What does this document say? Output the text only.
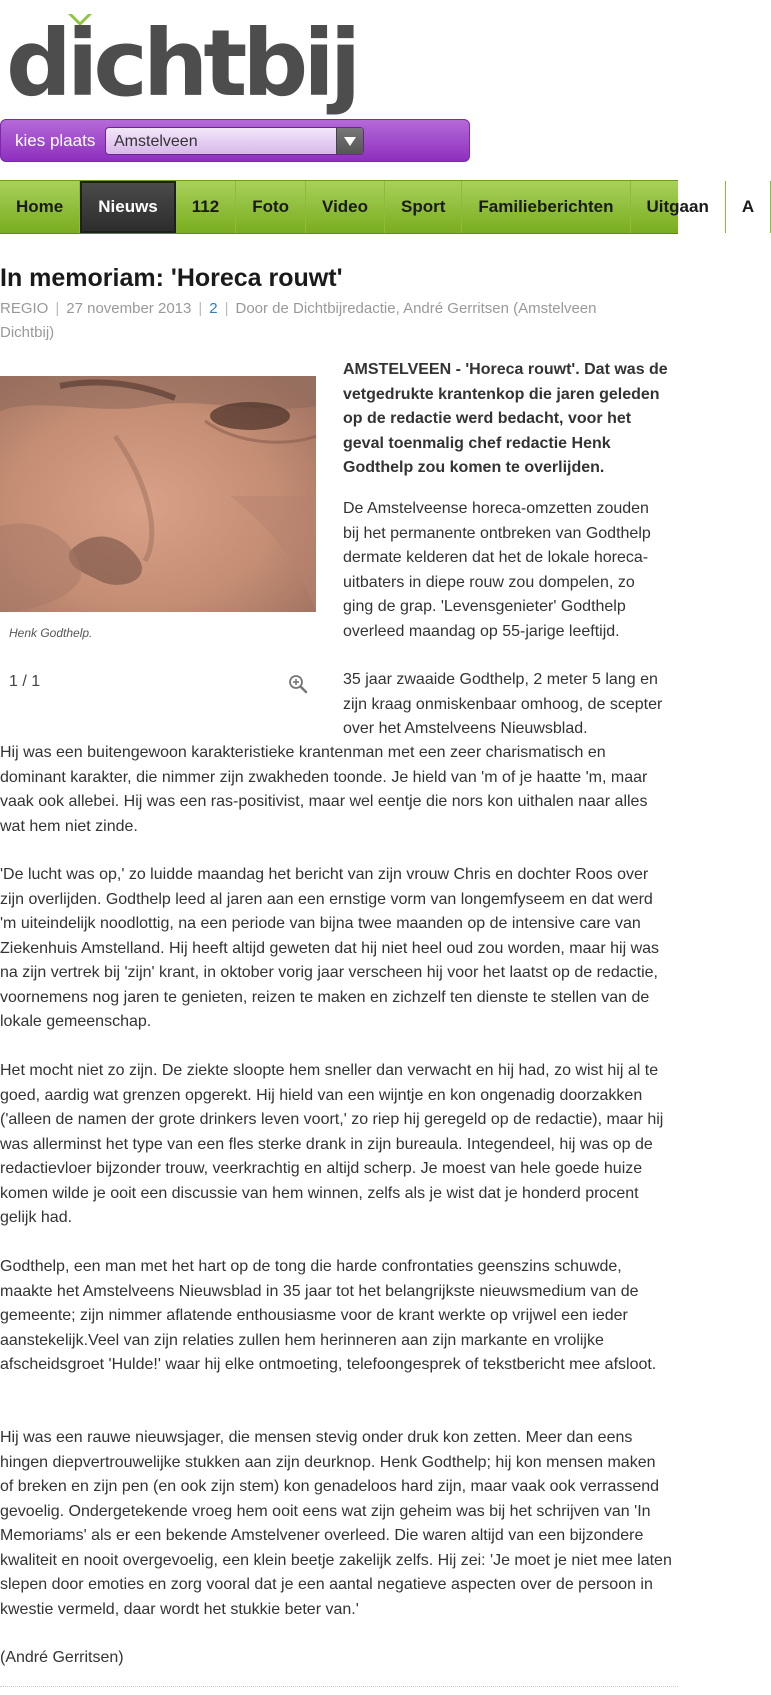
dichtbij
kies plaats Amstelveen
Home	Nieuws	112	Foto	Video	Sport	Familieberichten	Uitgaan	A
In memoriam: 'Horeca rouwt'
REGIO | 27 november 2013 | 2 | Door de Dichtbijredactie, André Gerritsen (Amstelveen Dichtbij)
Henk Godthelp.
1 / 1

AMSTELVEEN - 'Horeca rouwt'. Dat was de vetgedrukte krantenkop die jaren geleden op de redactie werd bedacht, voor het geval toenmalig chef redactie Henk Godthelp zou komen te overlijden.

De Amstelveense horeca-omzetten zouden bij het permanente ontbreken van Godthelp dermate kelderen dat het de lokale horeca-uitbaters in diepe rouw zou dompelen, zo ging de grap. 'Levensgenieter' Godthelp overleed maandag op 55-jarige leeftijd.

35 jaar zwaaide Godthelp, 2 meter 5 lang en zijn kraag onmiskenbaar omhoog, de scepter over het Amstelveens Nieuwsblad.

Hij was een buitengewoon karakteristieke krantenman met een zeer charismatisch en dominant karakter, die nimmer zijn zwakheden toonde. Je hield van 'm of je haatte 'm, maar vaak ook allebei. Hij was een ras-positivist, maar wel eentje die nors kon uithalen naar alles wat hem niet zinde.

'De lucht was op,' zo luidde maandag het bericht van zijn vrouw Chris en dochter Roos over zijn overlijden. Godthelp leed al jaren aan een ernstige vorm van longemfyseem en dat werd 'm uiteindelijk noodlottig, na een periode van bijna twee maanden op de intensive care van Ziekenhuis Amstelland. Hij heeft altijd geweten dat hij niet heel oud zou worden, maar hij was na zijn vertrek bij 'zijn' krant, in oktober vorig jaar verscheen hij voor het laatst op de redactie, voornemens nog jaren te genieten, reizen te maken en zichzelf ten dienste te stellen van de lokale gemeenschap.

Het mocht niet zo zijn. De ziekte sloopte hem sneller dan verwacht en hij had, zo wist hij al te goed, aardig wat grenzen opgerekt. Hij hield van een wijntje en kon ongenadig doorzakken ('alleen de namen der grote drinkers leven voort,' zo riep hij geregeld op de redactie), maar hij was allerminst het type van een fles sterke drank in zijn bureaula. Integendeel, hij was op de redactievloer bijzonder trouw, veerkrachtig en altijd scherp. Je moest van hele goede huize komen wilde je ooit een discussie van hem winnen, zelfs als je wist dat je honderd procent gelijk had.

Godthelp, een man met het hart op de tong die harde confrontaties geenszins schuwde, maakte het Amstelveens Nieuwsblad in 35 jaar tot het belangrijkste nieuwsmedium van de gemeente; zijn nimmer aflatende enthousiasme voor de krant werkte op vrijwel een ieder aanstekelijk.Veel van zijn relaties zullen hem herinneren aan zijn markante en vrolijke afscheidsgroet 'Hulde!' waar hij elke ontmoeting, telefoongesprek of tekstbericht mee afsloot.

Hij was een rauwe nieuwsjager, die mensen stevig onder druk kon zetten. Meer dan eens hingen diepvertrouwelijke stukken aan zijn deurknop. Henk Godthelp; hij kon mensen maken of breken en zijn pen (en ook zijn stem) kon genadeloos hard zijn, maar vaak ook verrassend gevoelig. Ondergetekende vroeg hem ooit eens wat zijn geheim was bij het schrijven van 'In Memoriams' als er een bekende Amstelvener overleed. Die waren altijd van een bijzondere kwaliteit en nooit overgevoelig, een klein beetje zakelijk zelfs. Hij zei: 'Je moet je niet mee laten slepen door emoties en zorg vooral dat je een aantal negatieve aspecten over de persoon in kwestie vermeld, daar wordt het stukkie beter van.'

(André Gerritsen)
